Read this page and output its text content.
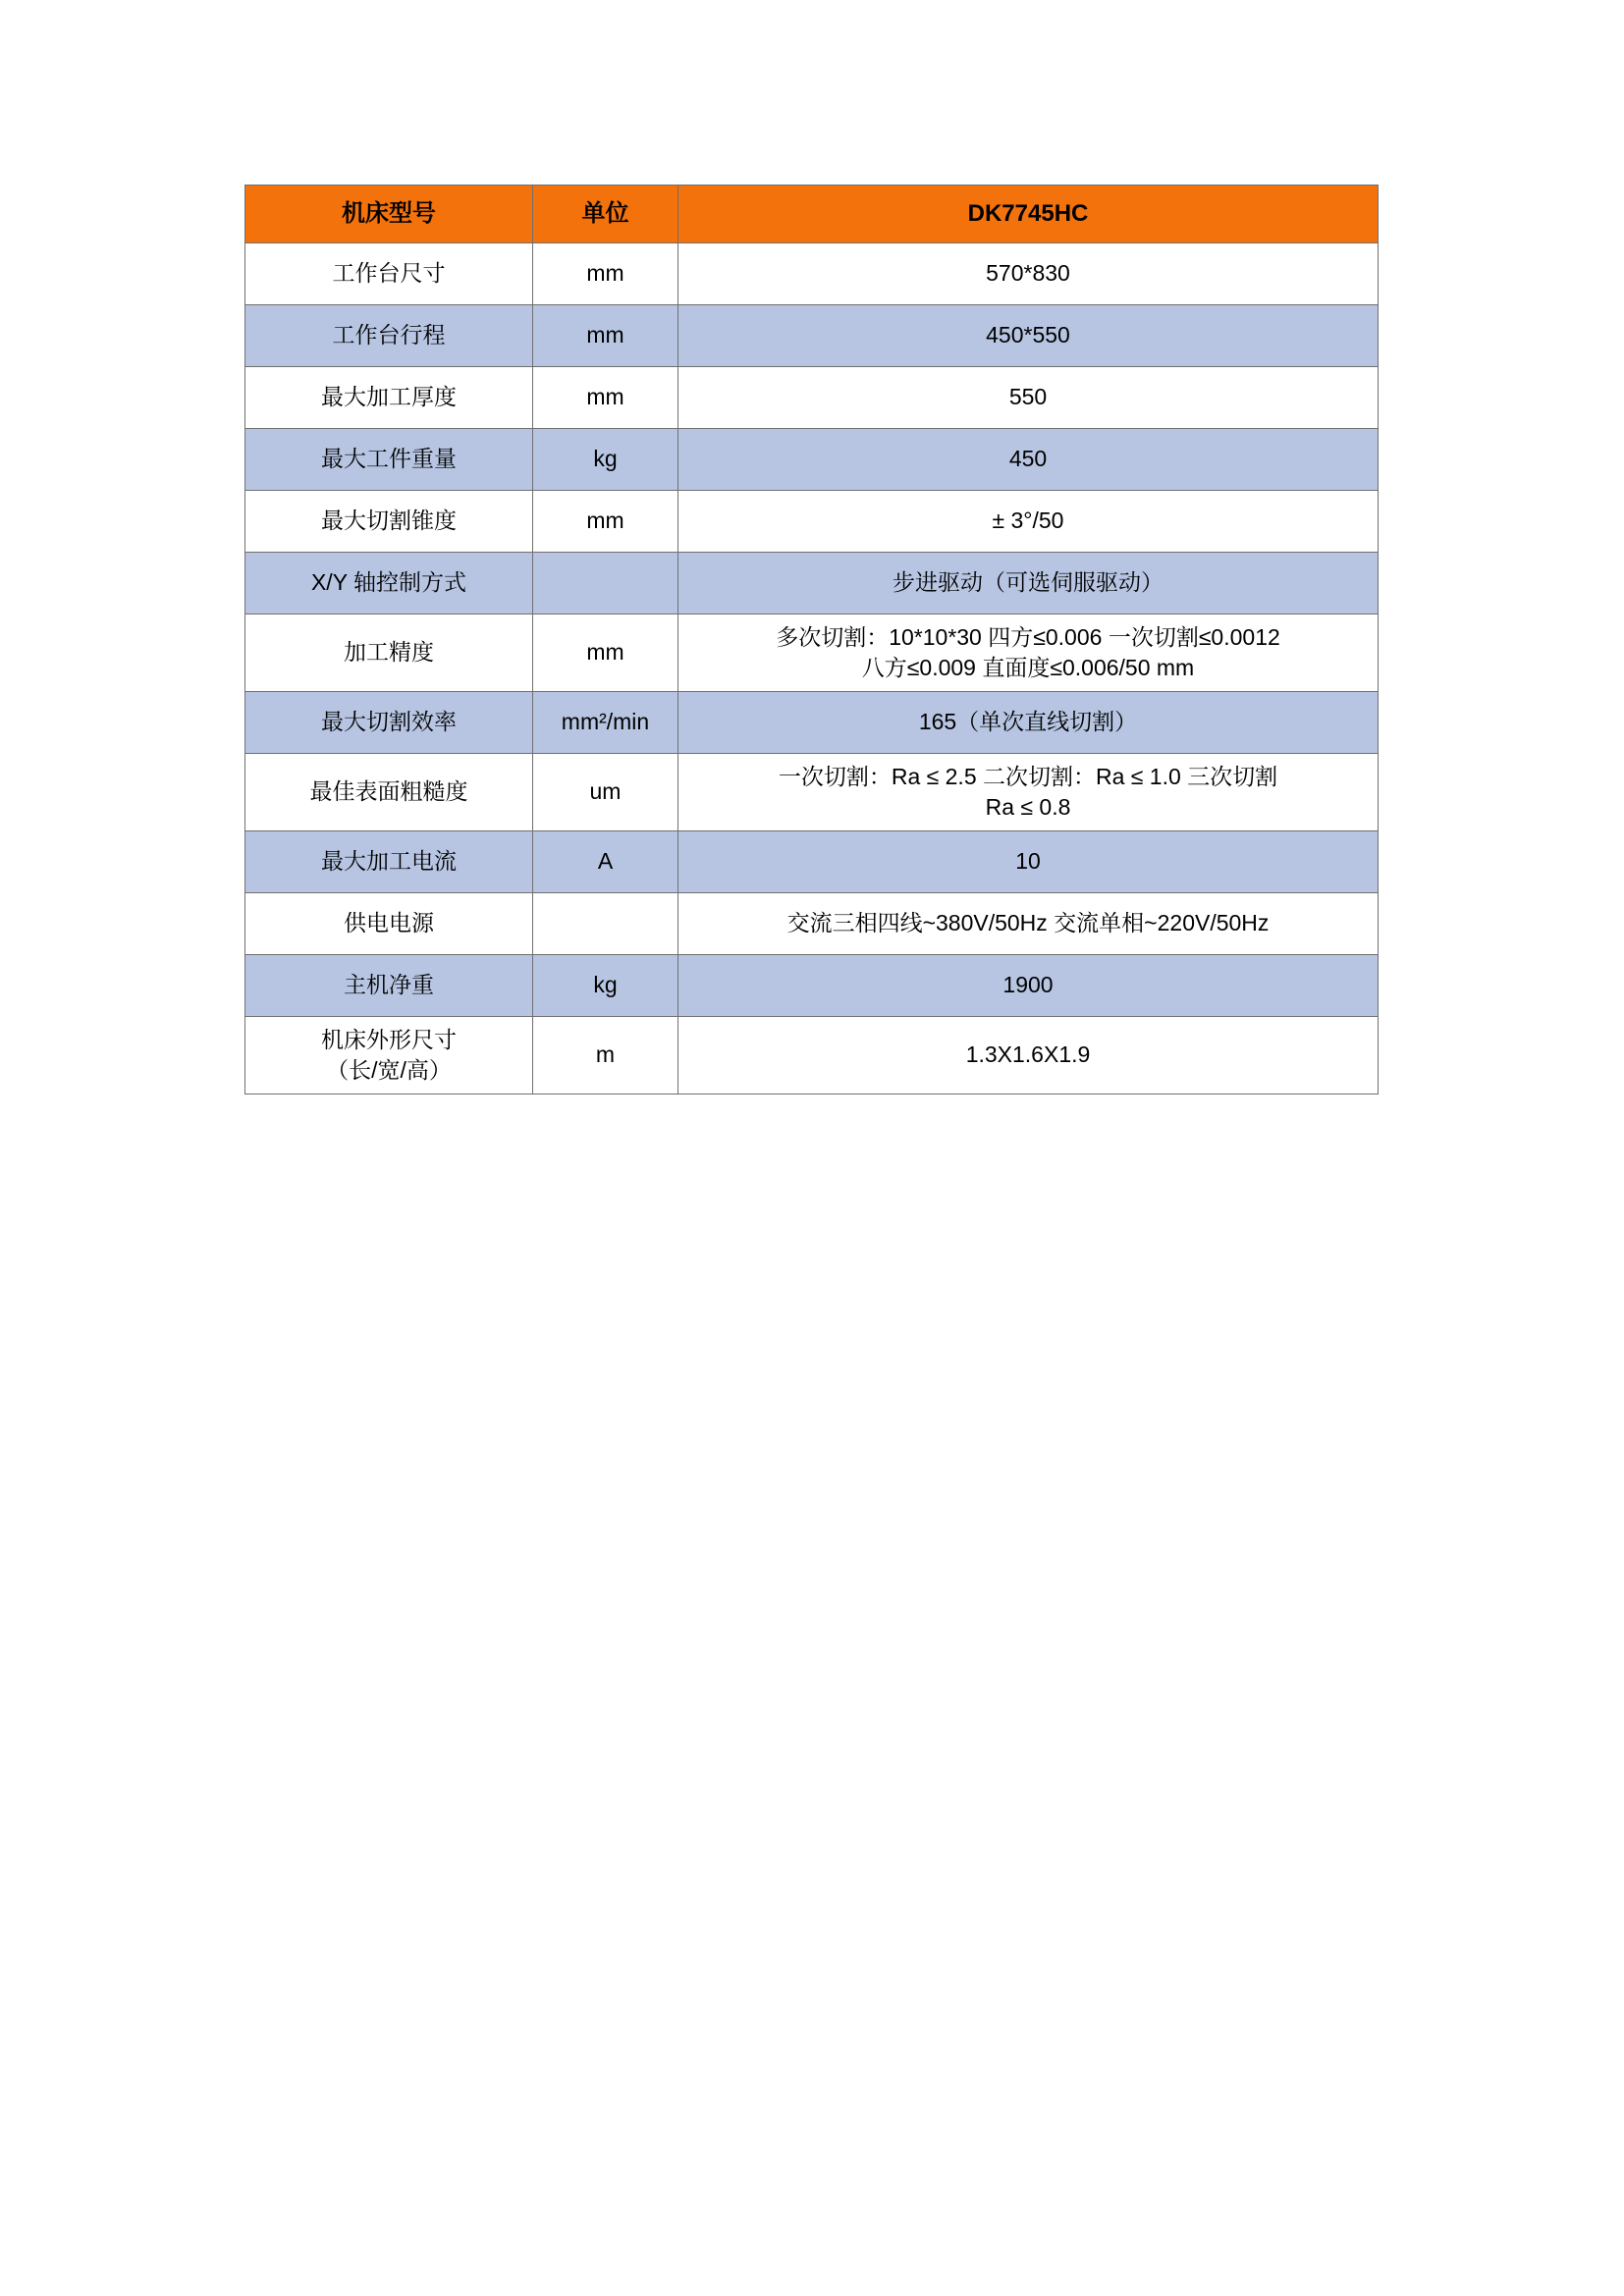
机床型号	单位	DK7745HC
工作台尺寸	mm	570*830
工作台行程	mm	450*550
最大加工厚度	mm	550
最大工件重量	kg	450
最大切割锥度	mm	± 3°/50
X/Y 轴控制方式		步进驱动（可选伺服驱动）
加工精度	mm	多次切割：10*10*30 四方≤0.006 一次切割≤0.0012
八方≤0.009 直面度≤0.006/50 mm

最大切割效率	mm²/min	165（单次直线切割）
最佳表面粗糙度	um	一次切割：Ra ≤ 2.5 二次切割：Ra ≤ 1.0 三次切割
Ra ≤ 0.8

最大加工电流	A	10
供电电源		交流三相四线~380V/50Hz 交流单相~220V/50Hz
主机净重	kg	1900

机床外形尺寸
（长/宽/高）	m	1.3X1.6X1.9
